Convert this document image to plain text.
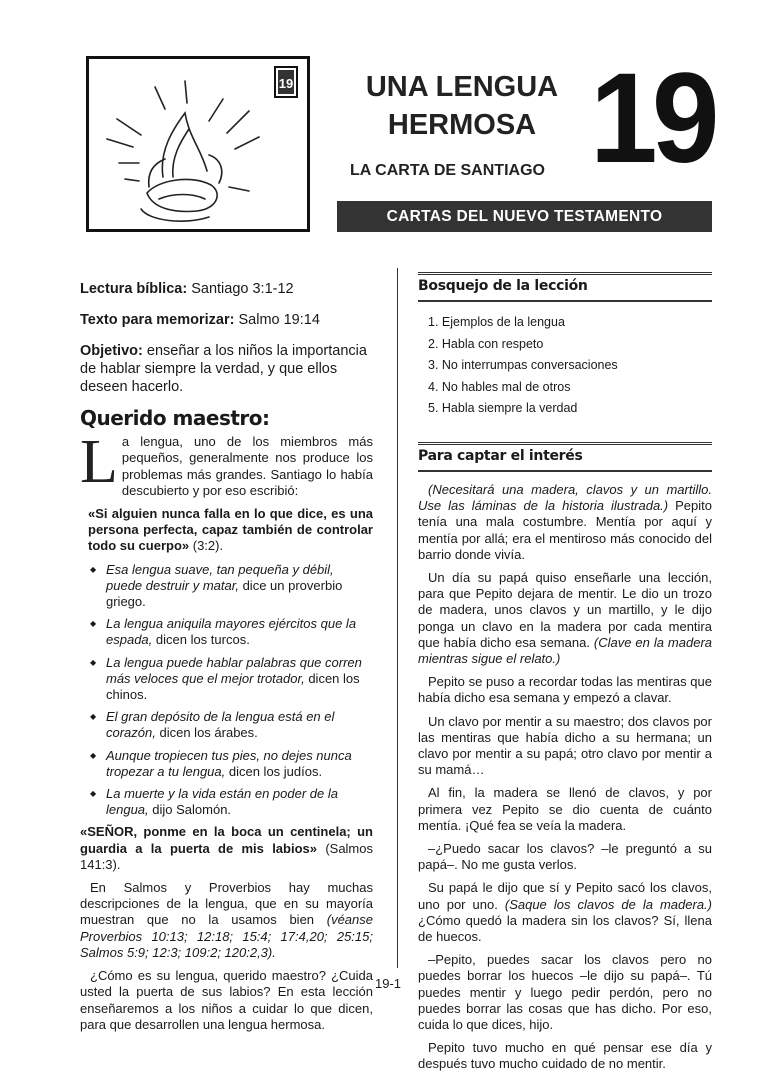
19	UNA LENGUA
HERMOSA 19
LA CARTA DE SANTIAGO
CARTAS DEL NUEVO TESTAMENTO

Lectura bíblica: Santiago 3:1-12

Texto para memorizar: Salmo 19:14

Objetivo: enseñar a los niños la importancia de hablar siempre la verdad, y que ellos deseen hacerlo.

Querido maestro:

La lengua, uno de los miembros más pequeños, generalmente nos produce los problemas más grandes. Santiago lo había descubierto y por eso escribió:

«Si alguien nunca falla en lo que dice, es una persona perfecta, capaz también de controlar todo su cuerpo» (3:2).

◆ Esa lengua suave, tan pequeña y débil, puede destruir y matar, dice un proverbio griego.
◆ La lengua aniquila mayores ejércitos que la espada, dicen los turcos.
◆ La lengua puede hablar palabras que corren más veloces que el mejor trotador, dicen los chinos.
◆ El gran depósito de la lengua está en el corazón, dicen los árabes.
◆ Aunque tropiecen tus pies, no dejes nunca tropezar a tu lengua, dicen los judíos.
◆ La muerte y la vida están en poder de la lengua, dijo Salomón.

«SEÑOR, ponme en la boca un centinela; un guardia a la puerta de mis labios» (Salmos 141:3).

En Salmos y Proverbios hay muchas descripciones de la lengua, que en su mayoría muestran que no la usamos bien (véanse Proverbios 10:13; 12:18; 15:4; 17:4,20; 25:15; Salmos 5:9; 12:3; 109:2; 120:2,3).

¿Cómo es su lengua, querido maestro? ¿Cuida usted la puerta de sus labios? En esta lección enseñaremos a los niños a cuidar lo que dicen, para que desarrollen una lengua hermosa.

Bosquejo de la lección
1. Ejemplos de la lengua
2. Habla con respeto
3. No interrumpas conversaciones
4. No hables mal de otros
5. Habla siempre la verdad
Para captar el interés

(Necesitará una madera, clavos y un martillo. Use las láminas de la historia ilustrada.) Pepito tenía una mala costumbre. Mentía por aquí y mentía por allá; era el mentiroso más conocido del barrio donde vivía.

Un día su papá quiso enseñarle una lección, para que Pepito dejara de mentir. Le dio un trozo de madera, unos clavos y un martillo, y le dijo ponga un clavo en la madera por cada mentira que había dicho esa semana. (Clave en la madera mientras sigue el relato.)

Pepito se puso a recordar todas las mentiras que había dicho esa semana y empezó a clavar.

Un clavo por mentir a su maestro; dos clavos por las mentiras que había dicho a su hermana; un clavo por mentir a su papá; otro clavo por mentir a su mamá…

Al fin, la madera se llenó de clavos, y por primera vez Pepito se dio cuenta de cuánto mentía. ¡Qué fea se veía la madera.

–¿Puedo sacar los clavos? –le preguntó a su papá–. No me gusta verlos.

Su papá le dijo que sí y Pepito sacó los clavos, uno por uno. (Saque los clavos de la madera.) ¿Cómo quedó la madera sin los clavos? Sí, llena de huecos.

–Pepito, puedes sacar los clavos pero no puedes borrar los huecos –le dijo su papá–. Tú puedes mentir y luego pedir perdón, pero no puedes borrar las cosas que has dicho. Por eso, cuida lo que dices, hijo.

Pepito tuvo mucho en qué pensar ese día y después tuvo mucho cuidado de no mentir.

19-1
